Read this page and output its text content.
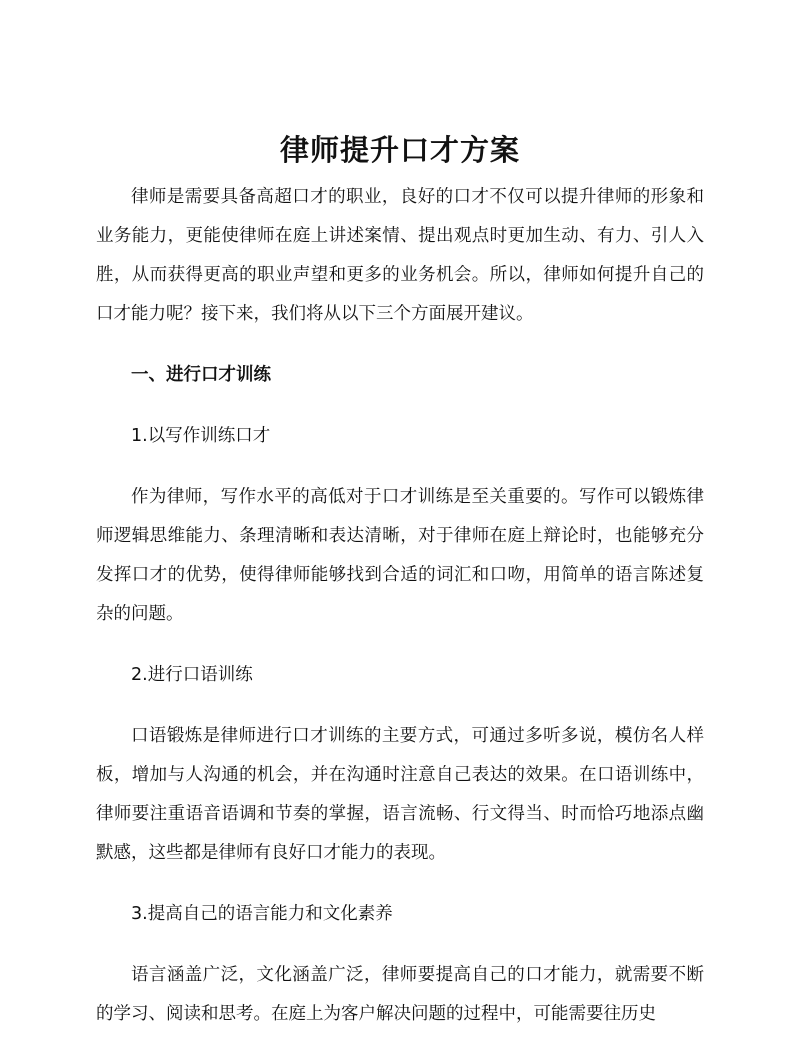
律师提升口才方案

律师是需要具备高超口才的职业，良好的口才不仅可以提升律师的形象和业务能力，更能使律师在庭上讲述案情、提出观点时更加生动、有力、引人入胜，从而获得更高的职业声望和更多的业务机会。所以，律师如何提升自己的口才能力呢？接下来，我们将从以下三个方面展开建议。

一、进行口才训练

1.以写作训练口才

作为律师，写作水平的高低对于口才训练是至关重要的。写作可以锻炼律师逻辑思维能力、条理清晰和表达清晰，对于律师在庭上辩论时，也能够充分发挥口才的优势，使得律师能够找到合适的词汇和口吻，用简单的语言陈述复杂的问题。

2.进行口语训练

口语锻炼是律师进行口才训练的主要方式，可通过多听多说，模仿名人样板，增加与人沟通的机会，并在沟通时注意自己表达的效果。在口语训练中，律师要注重语音语调和节奏的掌握，语言流畅、行文得当、时而恰巧地添点幽默感，这些都是律师有良好口才能力的表现。

3.提高自己的语言能力和文化素养

语言涵盖广泛，文化涵盖广泛，律师要提高自己的口才能力，就需要不断的学习、阅读和思考。在庭上为客户解决问题的过程中，可能需要往历史
